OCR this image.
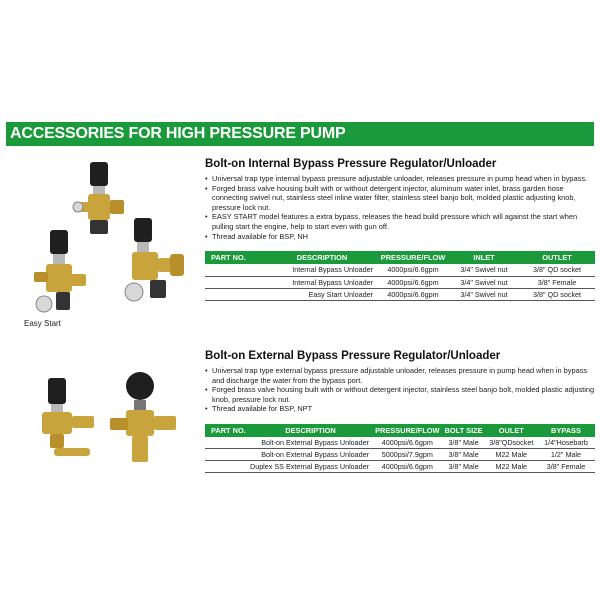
ACCESSORIES FOR HIGH PRESSURE PUMP
Easy Start
Bolt-on Internal Bypass Pressure Regulator/Unloader
• Universal trap type internal bypass pressure adjustable unloader, releases pressure in pump head when in bypass.
• Forged brass valve housing built with or without detergent injector, aluminum water inlet, brass garden hose connecting swivel nut, stainless steel inline water filter, stainless steel banjo bolt, molded plastic adjusting knob, pressure lock nut.
• EASY START model features a extra bypass, releases the head build pressure which will against the start when pulling start the engine, help to start even with gun off.
• Thread available for BSP, NH
PART NO.	DESCRIPTION	PRESSURE/FLOW	INLET	OUTLET
	Internal Bypass Unloader	4000psi/6.6gpm	3/4" Swivel nut	3/8" QD socket
	Internal Bypass Unloader	4000psi/6.6gpm	3/4" Swivel nut	3/8" Female
	Easy Start Unloader	4000psi/6.6gpm	3/4" Swivel nut	3/8" QD socket
Bolt-on External Bypass Pressure Regulator/Unloader
• Universal trap type external bypass pressure adjustable unloader, releases pressure in pump head when in bypass and discharge the water from the bypass port.
• Forged brass valve housing built with or without detergent injector, stainless steel banjo bolt, molded plastic adjusting knob, pressure lock nut.
• Thread available for BSP, NPT
PART NO.	DESCRIPTION	PRESSURE/FLOW	BOLT SIZE	OULET	BYPASS
	Bolt-on External Bypass Unloader	4000psi/6.6gpm	3/8" Male	3/8"QDsocket	1/4"Hosebarb
	Bolt-on External Bypass Unloader	5000psi/7.9gpm	3/8" Male	M22 Male	1/2" Male
	Duplex SS External Bypass Unloader	4000psi/6.6gpm	3/8" Male	M22 Male	3/8" Female
